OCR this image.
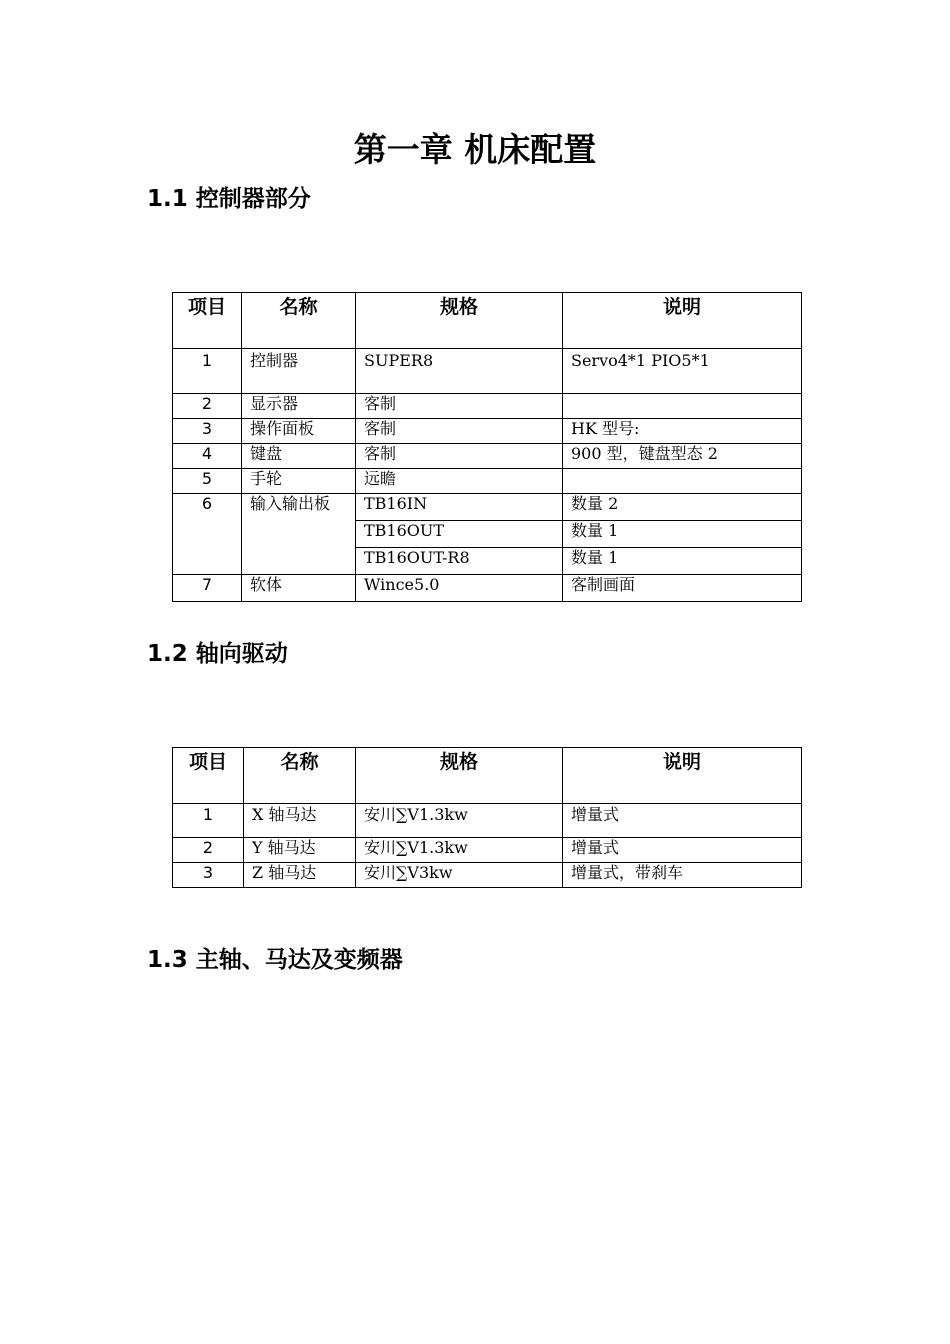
第一章 机床配置
1.1 控制器部分
项目	名称	规格	说明
1	控制器	SUPER8	Servo4*1 PIO5*1
2	显示器	客制	
3	操作面板	客制	HK 型号:
4	键盘	客制	900 型，键盘型态 2
5	手轮	远瞻	
6	输入输出板	TB16IN	数量 2
		TB16OUT	数量 1
		TB16OUT-R8	数量 1
7	软体	Wince5.0	客制画面
1.2 轴向驱动
项目	名称	规格	说明
1	X 轴马达	安川∑V1.3kw	增量式
2	Y 轴马达	安川∑V1.3kw	增量式
3	Z 轴马达	安川∑V3kw	增量式，带刹车
1.3 主轴、马达及变频器
